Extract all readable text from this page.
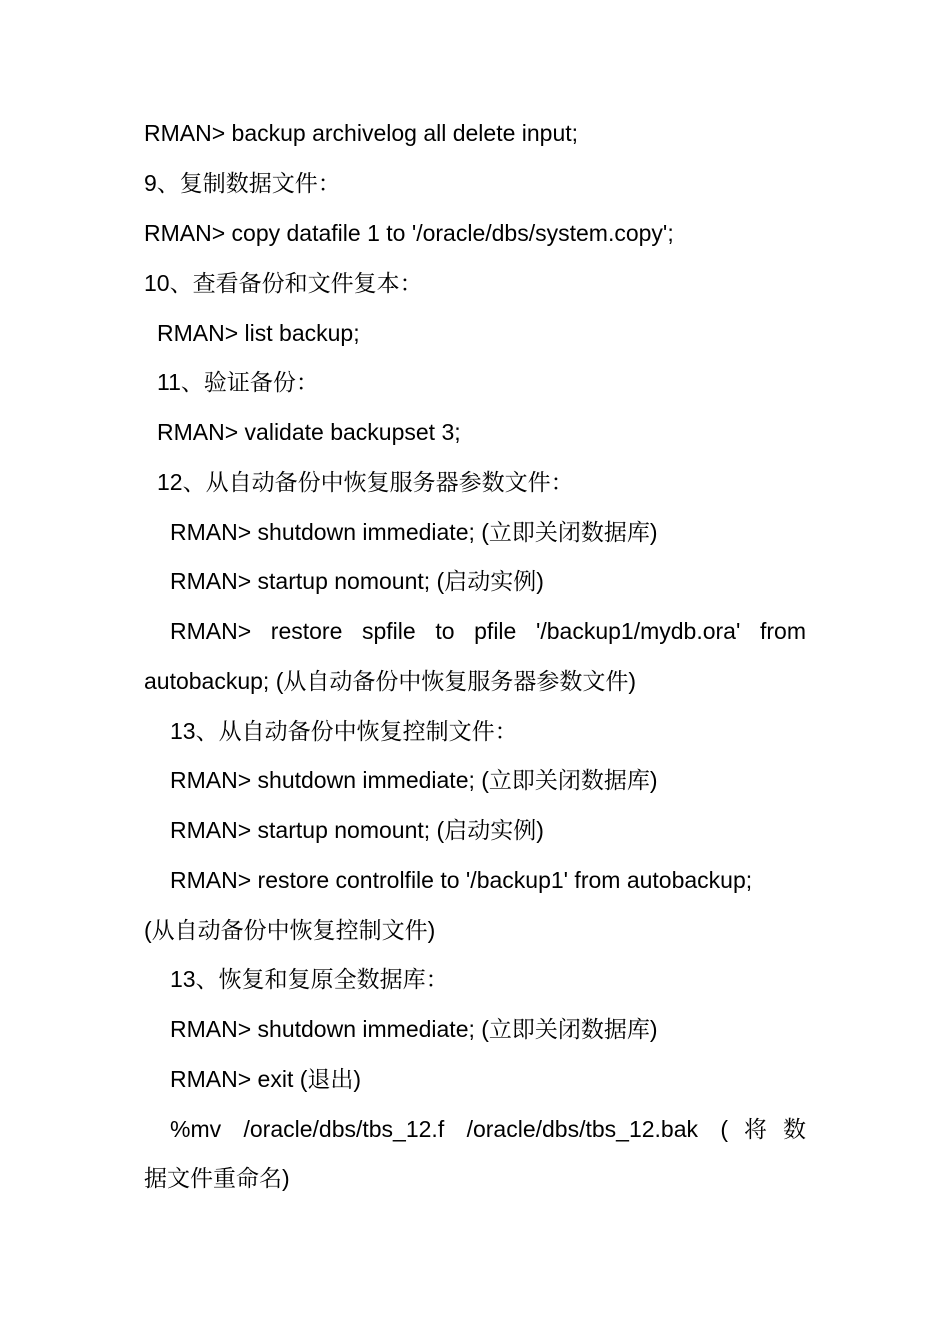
RMAN> backup archivelog all delete input;
9、复制数据文件：
RMAN> copy datafile 1 to '/oracle/dbs/system.copy';
10、查看备份和文件复本：
RMAN> list backup;
11、验证备份：
RMAN> validate backupset 3;
12、从自动备份中恢复服务器参数文件：
RMAN> shutdown immediate; (立即关闭数据库)
RMAN> startup nomount; (启动实例)
RMAN> restore spfile to pfile '/backup1/mydb.ora' from
autobackup; (从自动备份中恢复服务器参数文件)
13、从自动备份中恢复控制文件：
RMAN> shutdown immediate; (立即关闭数据库)
RMAN> startup nomount; (启动实例)
RMAN> restore controlfile to '/backup1' from autobackup;
(从自动备份中恢复控制文件)
13、恢复和复原全数据库：
RMAN> shutdown immediate; (立即关闭数据库)
RMAN> exit (退出)
%mv /oracle/dbs/tbs_12.f /oracle/dbs/tbs_12.bak (将数
据文件重命名)
